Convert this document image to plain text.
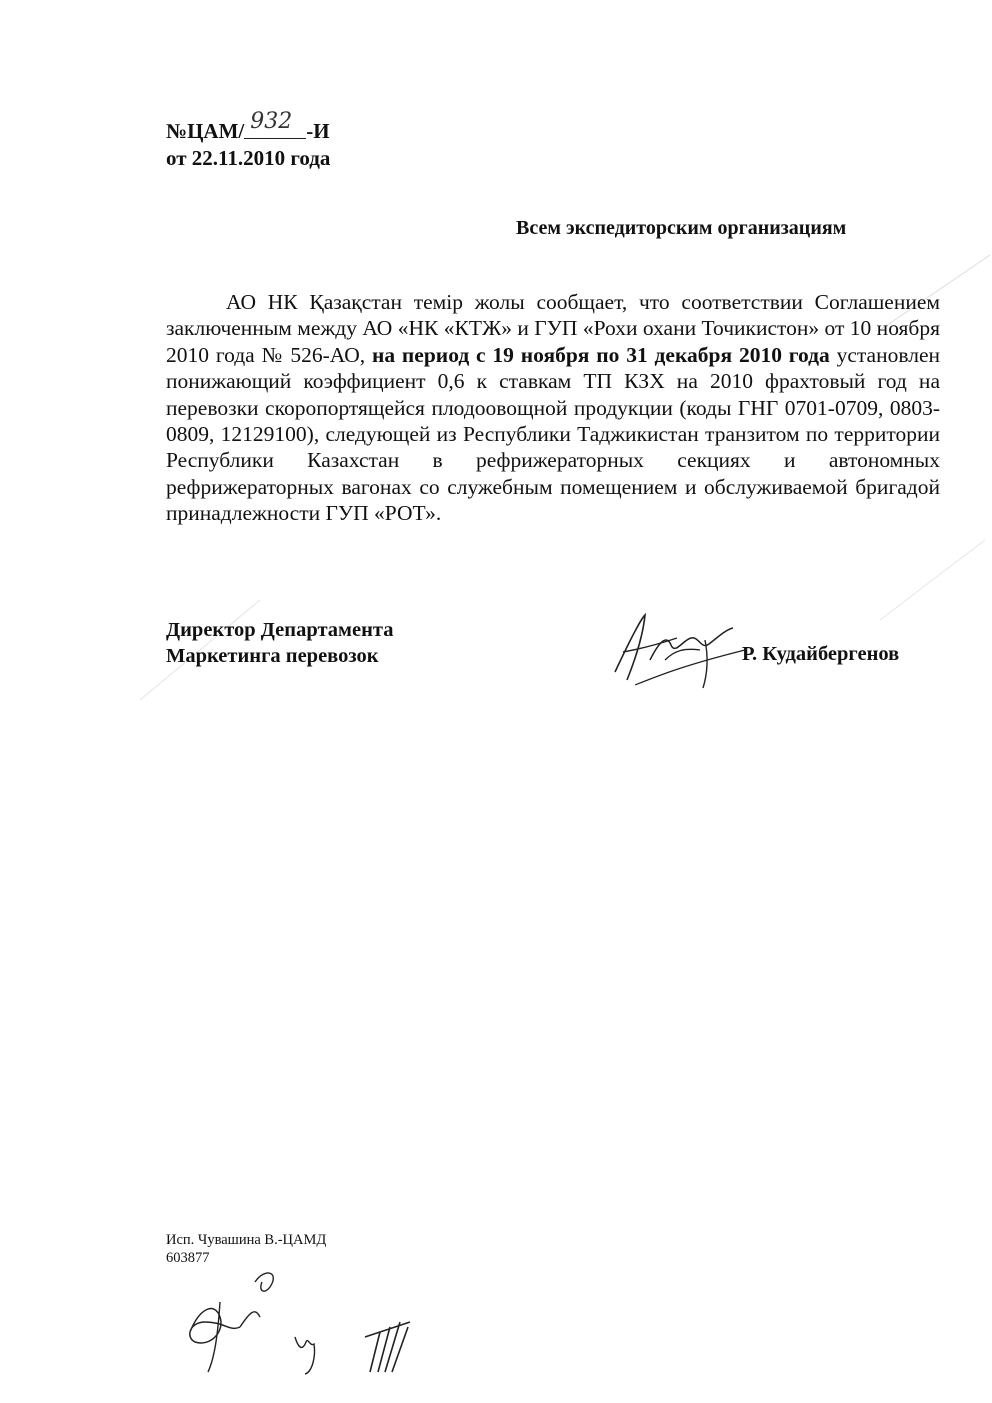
№ЦАМ/ 932 -И
от 22.11.2010 года
Всем экспедиторским организациям

АО НК Қазақстан темір жолы сообщает, что соответствии Соглашением заключенным между АО «НК «КТЖ» и ГУП «Рохи охани Точикистон» от 10 ноября 2010 года № 526-АО, на период с 19 ноября по 31 декабря 2010 года установлен понижающий коэффициент 0,6 к ставкам ТП КЗХ на 2010 фрахтовый год на перевозки скоропортящейся плодоовощной продукции (коды ГНГ 0701-0709, 0803-0809, 12129100), следующей из Республики Таджикистан транзитом по территории Республики Казахстан в рефрижераторных секциях и автономных рефрижераторных вагонах со служебным помещением и обслуживаемой бригадой принадлежности ГУП «РОТ».

Директор Департамента
Маркетинга перевозок	Р. Кудайбергенов
Исп. Чувашина В.-ЦАМД
603877
